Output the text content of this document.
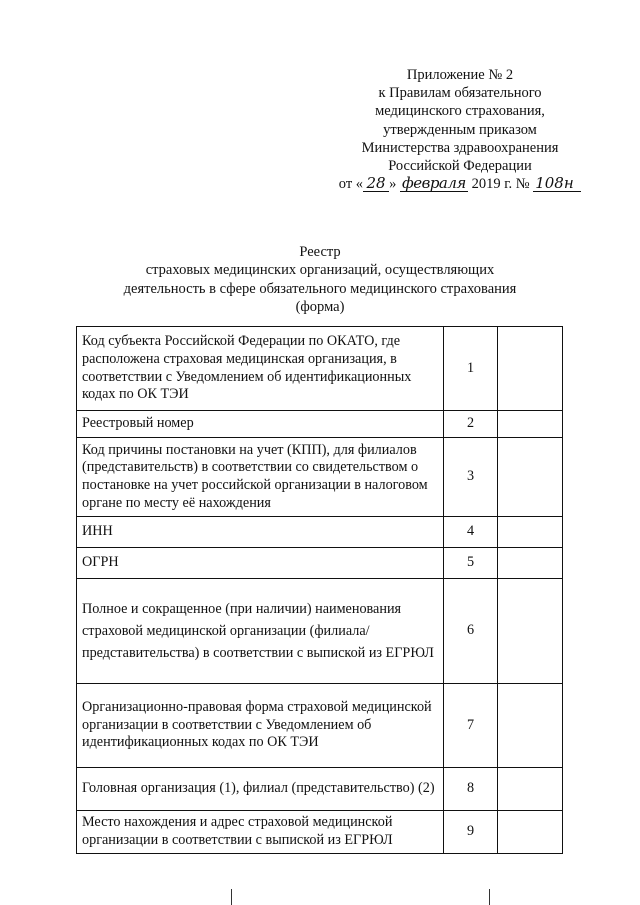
Приложение № 2
к Правилам обязательного
медицинского страхования,
утвержденным приказом
Министерства здравоохранения
Российской Федерации
от « 28 » февраля 2019 г. № 108н
Реестр
страховых медицинских организаций, осуществляющих
деятельность в сфере обязательного медицинского страхования
(форма)
Код субъекта Российской Федерации по ОКАТО, где расположена страховая медицинская организация, в соответствии с Уведомлением об идентификационных кодах по ОК ТЭИ	1	

Реестровый номер	2	

Код причины постановки на учет (КПП), для филиалов (представительств) в соответствии со свидетельством о постановке на учет российской организации в налоговом органе по месту её нахождения	3	

ИНН	4	

ОГРН	5	

Полное и сокращенное (при наличии) наименования страховой медицинской организации (филиала/представительства) в соответствии с выпиской из ЕГРЮЛ	6	

Организационно-правовая форма страховой медицинской организации в соответствии с Уведомлением об идентификационных кодах по ОК ТЭИ	7	

Головная организация (1), филиал (представительство) (2)	8	

Место нахождения и адрес страховой медицинской организации в соответствии с выпиской из ЕГРЮЛ	9	
